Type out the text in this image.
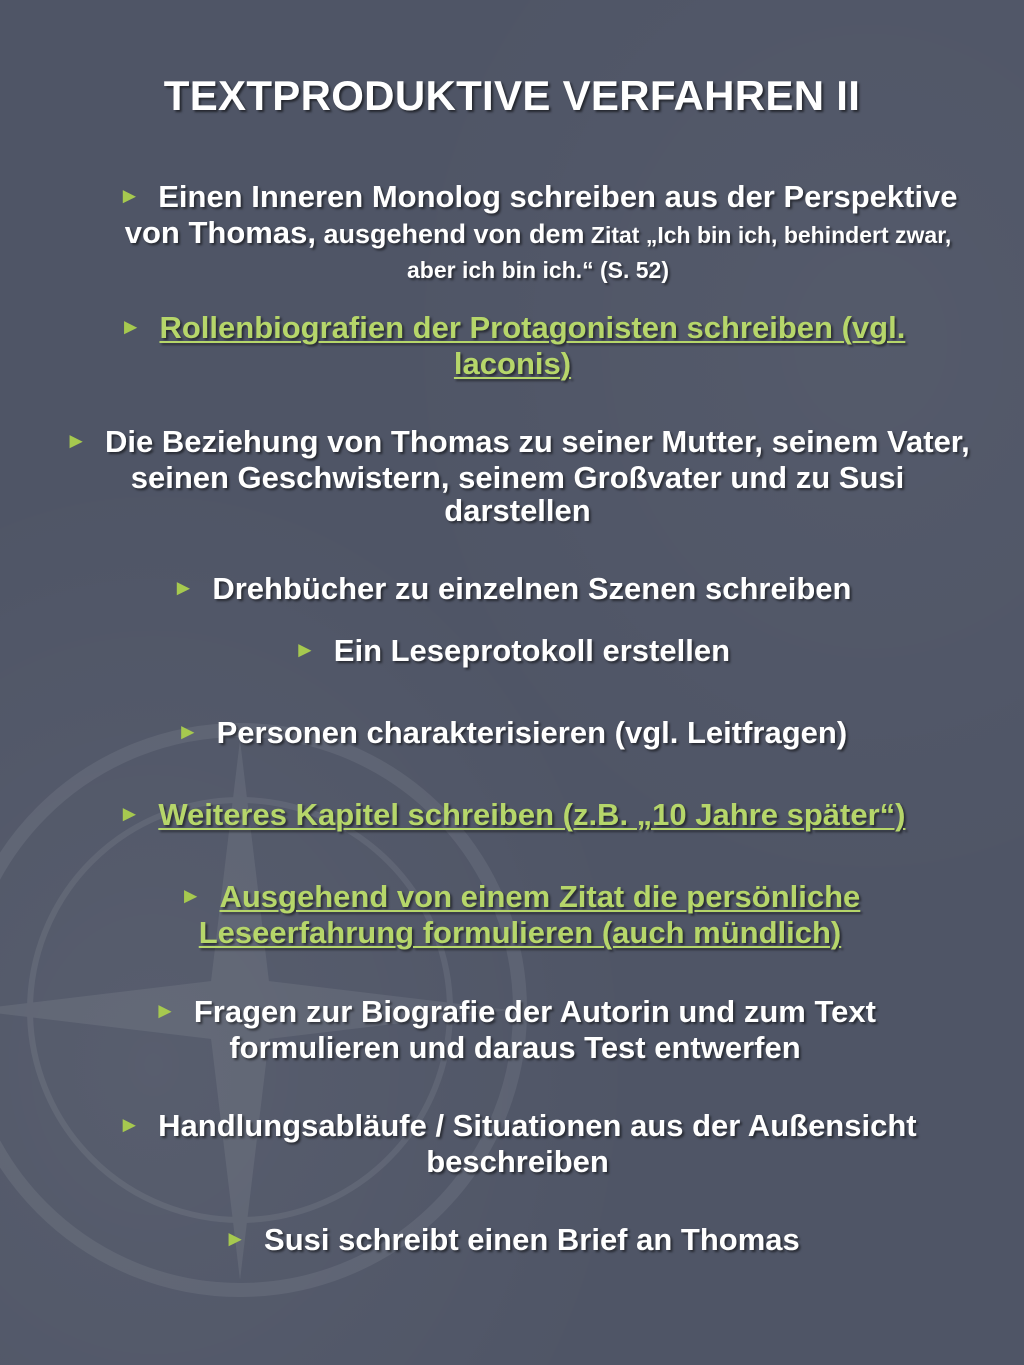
TEXTPRODUKTIVE VERFAHREN II
► Einen Inneren Monolog schreiben aus der Perspektive von Thomas, ausgehend von dem Zitat „Ich bin ich, behindert zwar, aber ich bin ich.“ (S. 52)
► Rollenbiografien der Protagonisten schreiben (vgl. laconis)
► Die Beziehung von Thomas zu seiner Mutter, seinem Vater, seinen Geschwistern, seinem Großvater und zu Susi darstellen
► Drehbücher zu einzelnen Szenen schreiben
► Ein Leseprotokoll erstellen
► Personen charakterisieren (vgl. Leitfragen)
► Weiteres Kapitel schreiben (z.B. „10 Jahre später“)
► Ausgehend von einem Zitat die persönliche Leseerfahrung formulieren (auch mündlich)
► Fragen zur Biografie der Autorin und zum Text formulieren und daraus Test entwerfen
► Handlungsabläufe / Situationen aus der Außensicht beschreiben
► Susi schreibt einen Brief an Thomas
